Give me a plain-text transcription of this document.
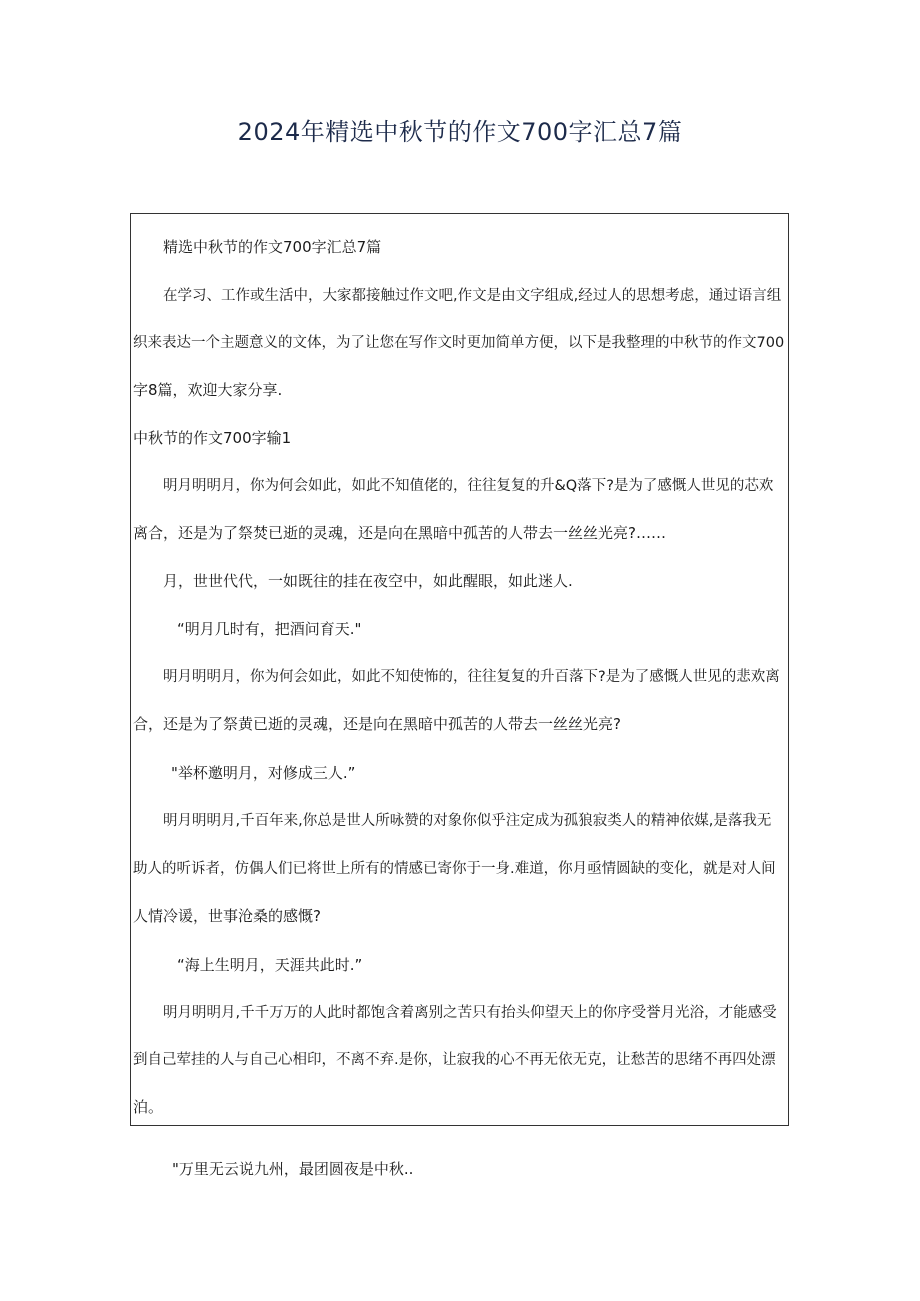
2024年精选中秋节的作文700字汇总7篇
精选中秋节的作文700字汇总7篇
在学习、工作或生活中，大家都接触过作文吧,作文是由文字组成,经过人的思想考虑，通过语言组
织来表达一个主题意义的文体，为了让您在写作文时更加简单方便，以下是我整理的中秋节的作文700
字8篇，欢迎大家分享.
中秋节的作文700字输1
明月明明月，你为何会如此，如此不知值佬的，往往复复的升&Q落下?是为了感慨人世见的芯欢
离合，还是为了祭焚已逝的灵魂，还是向在黑暗中孤苦的人带去一丝丝光亮?……
月，世世代代，一如既往的挂在夜空中，如此醒眼，如此迷人.
“明月几时有，把酒问育天."
明月明明月，你为何会如此，如此不知使怖的，往往复复的升百落下?是为了感慨人世见的悲欢离
合，还是为了祭黄已逝的灵魂，还是向在黑暗中孤苦的人带去一丝丝光亮?
"举杯邀明月，对修成三人.”
明月明明月,千百年来,你总是世人所咏赞的对象你似乎注定成为孤狼寂类人的精神依媒,是落我无
助人的听诉者，仿偶人们已将世上所有的情感已寄你于一身.难道，你月亟情圆缺的变化，就是对人间
人情冷谖，世事沧桑的感慨?
“海上生明月，天涯共此时.”
明月明明月,千千万万的人此时都饱含着离别之苦只有抬头仰望天上的你序受誉月光浴，才能感受
到自己荤挂的人与自己心相印，不离不弃.是你，让寂我的心不再无依无克，让愁苦的思绪不再四处漂
泊。
"万里无云说九州，最团圆夜是中秋..
